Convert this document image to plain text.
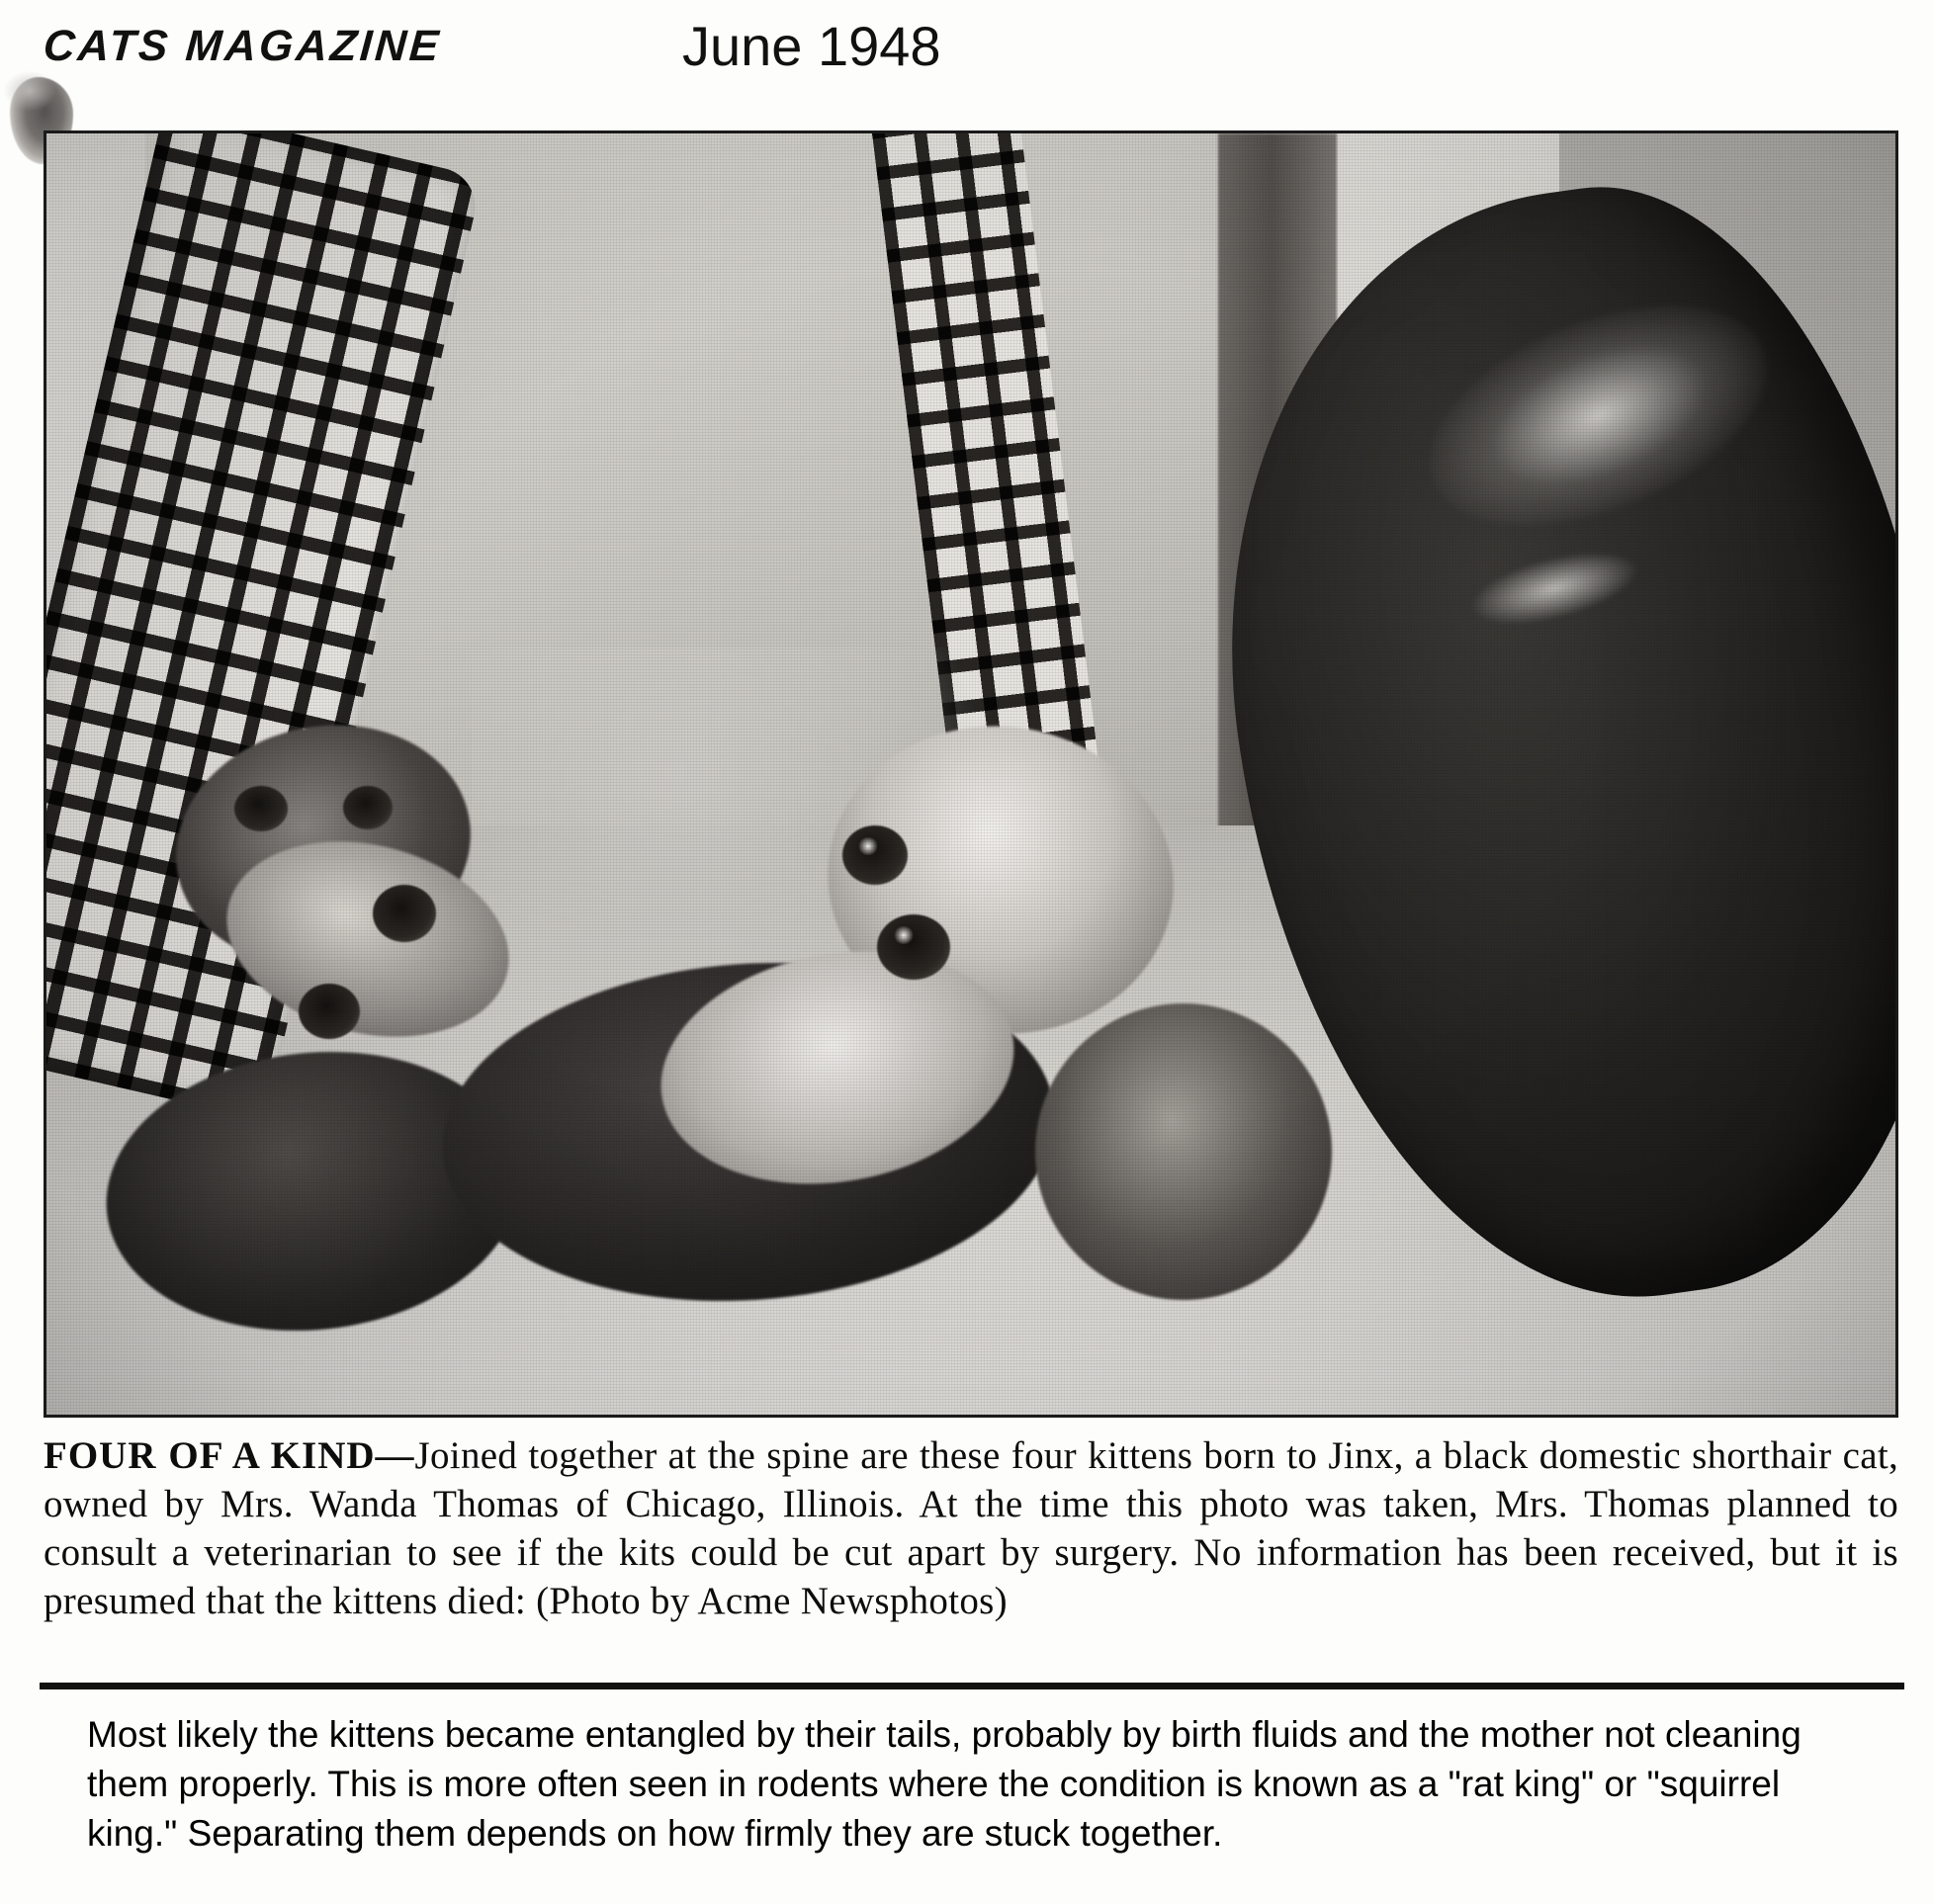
CATS MAGAZINE	June 1948
FOUR OF A KIND—Joined together at the spine are these four kittens born to Jinx, a black domestic shorthair cat, owned by Mrs. Wanda Thomas of Chicago, Illinois. At the time this photo was taken, Mrs. Thomas planned to consult a veterinarian to see if the kits could be cut apart by surgery. No information has been received, but it is presumed that the kittens died: (Photo by Acme Newsphotos)
Most likely the kittens became entangled by their tails, probably by birth fluids and the mother not cleaning them properly. This is more often seen in rodents where the condition is known as a "rat king" or "squirrel king." Separating them depends on how firmly they are stuck together.
